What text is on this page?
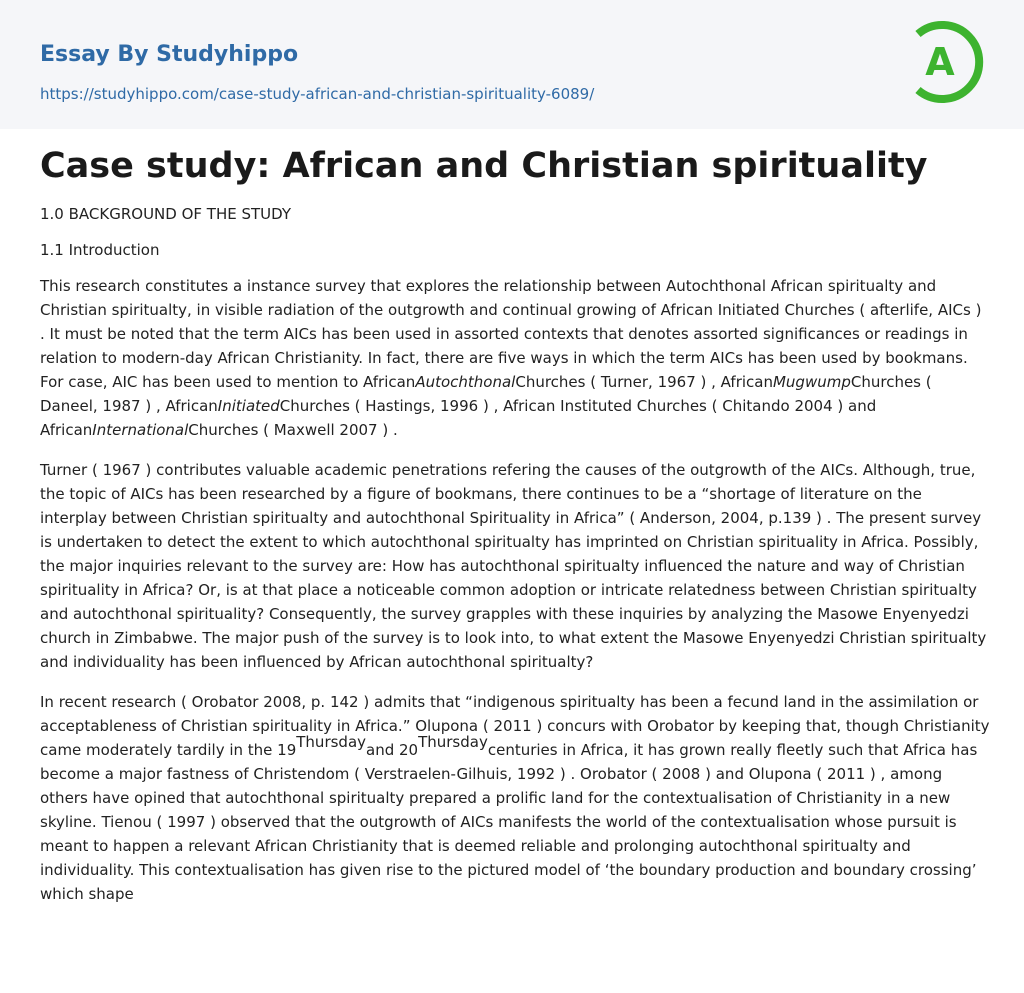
Essay By Studyhippo
https://studyhippo.com/case-study-african-and-christian-spirituality-6089/
A
Case study: African and Christian spirituality

1.0 BACKGROUND OF THE STUDY

1.1 Introduction

This research constitutes a instance survey that explores the relationship between Autochthonal African spiritualty and Christian spiritualty, in visible radiation of the outgrowth and continual growing of African Initiated Churches ( afterlife, AICs ) . It must be noted that the term AICs has been used in assorted contexts that denotes assorted significances or readings in relation to modern-day African Christianity. In fact, there are five ways in which the term AICs has been used by bookmans. For case, AIC has been used to mention to AfricanAutochthonalChurches ( Turner, 1967 ) , AfricanMugwumpChurches ( Daneel, 1987 ) , AfricanInitiatedChurches ( Hastings, 1996 ) , African Instituted Churches ( Chitando 2004 ) and AfricanInternationalChurches ( Maxwell 2007 ) .

Turner ( 1967 ) contributes valuable academic penetrations refering the causes of the outgrowth of the AICs. Although, true, the topic of AICs has been researched by a figure of bookmans, there continues to be a “shortage of literature on the interplay between Christian spiritualty and autochthonal Spirituality in Africa” ( Anderson, 2004, p.139 ) . The present survey is undertaken to detect the extent to which autochthonal spiritualty has imprinted on Christian spirituality in Africa. Possibly, the major inquiries relevant to the survey are: How has autochthonal spiritualty influenced the nature and way of Christian spirituality in Africa? Or, is at that place a noticeable common adoption or intricate relatedness between Christian spiritualty and autochthonal spirituality? Consequently, the survey grapples with these inquiries by analyzing the Masowe Enyenyedzi church in Zimbabwe. The major push of the survey is to look into, to what extent the Masowe Enyenyedzi Christian spiritualty and individuality has been influenced by African autochthonal spiritualty?

In recent research ( Orobator 2008, p. 142 ) admits that “indigenous spiritualty has been a fecund land in the assimilation or acceptableness of Christian spirituality in Africa.” Olupona ( 2011 ) concurs with Orobator by keeping that, though Christianity came moderately tardily in the $19^{Thursday}and$ $20^{Thursday}centuries$ in Africa, it has grown really fleetly such that Africa has become a major fastness of Christendom ( Verstraelen-Gilhuis, 1992 ) . Orobator ( 2008 ) and Olupona ( 2011 ) , among others have opined that autochthonal spiritualty prepared a prolific land for the contextualisation of Christianity in a new skyline. Tienou ( 1997 ) observed that the outgrowth of AICs manifests the world of the contextualisation whose pursuit is meant to happen a relevant African Christianity that is deemed reliable and prolonging autochthonal spiritualty and individuality. This contextualisation has given rise to the pictured model of ‘the boundary production and boundary crossing’ which shape
